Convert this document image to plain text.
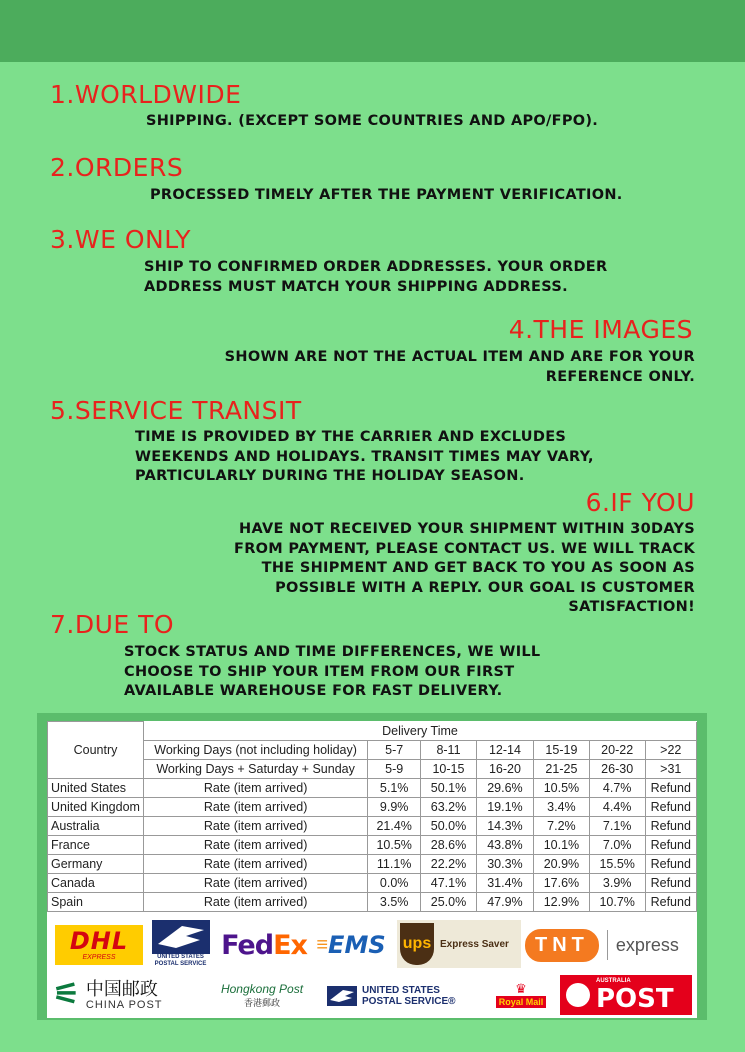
1.WORLDWIDE
SHIPPING. (EXCEPT SOME COUNTRIES AND APO/FPO).
2.ORDERS
PROCESSED TIMELY AFTER THE PAYMENT VERIFICATION.
3.WE ONLY
SHIP TO CONFIRMED ORDER ADDRESSES. YOUR ORDER
ADDRESS MUST MATCH YOUR SHIPPING ADDRESS.
4.THE IMAGES
SHOWN ARE NOT THE ACTUAL ITEM AND ARE FOR YOUR
REFERENCE ONLY.
5.SERVICE TRANSIT
TIME IS PROVIDED BY THE CARRIER AND EXCLUDES
WEEKENDS AND HOLIDAYS. TRANSIT TIMES MAY VARY,
PARTICULARLY DURING THE HOLIDAY SEASON.
6.IF YOU
HAVE NOT RECEIVED YOUR SHIPMENT WITHIN 30DAYS
FROM PAYMENT, PLEASE CONTACT US. WE WILL TRACK
THE SHIPMENT AND GET BACK TO YOU AS SOON AS
POSSIBLE WITH A REPLY. OUR GOAL IS CUSTOMER
SATISFACTION!
7.DUE TO
STOCK STATUS AND TIME DIFFERENCES, WE WILL
CHOOSE TO SHIP YOUR ITEM FROM OUR FIRST
AVAILABLE WAREHOUSE FOR FAST DELIVERY.
Country	Delivery Time						
	Working Days (not including holiday)	5-7	8-11	12-14	15-19	20-22	>22
	Working Days + Saturday + Sunday	5-9	10-15	16-20	21-25	26-30	>31
United States	Rate (item arrived)	5.1%	50.1%	29.6%	10.5%	4.7%	Refund
United Kingdom	Rate (item arrived)	9.9%	63.2%	19.1%	3.4%	4.4%	Refund
Australia	Rate (item arrived)	21.4%	50.0%	14.3%	7.2%	7.1%	Refund
France	Rate (item arrived)	10.5%	28.6%	43.8%	10.1%	7.0%	Refund
Germany	Rate (item arrived)	11.1%	22.2%	30.3%	20.9%	15.5%	Refund
Canada	Rate (item arrived)	0.0%	47.1%	31.4%	17.6%	3.9%	Refund
Spain	Rate (item arrived)	3.5%	25.0%	47.9%	12.9%	10.7%	Refund
DHL
EXPRESS	UNITED STATES
POSTAL SERVICE
Fed Ex ≡ EMS ups Express Saver	TNT	express
⚟ 中国邮政
CHINA POST
Hongkong Post
香港郵政
UNITED STATES
POSTAL SERVICE®
♛
Royal Mail
AUSTRALIA
POST
